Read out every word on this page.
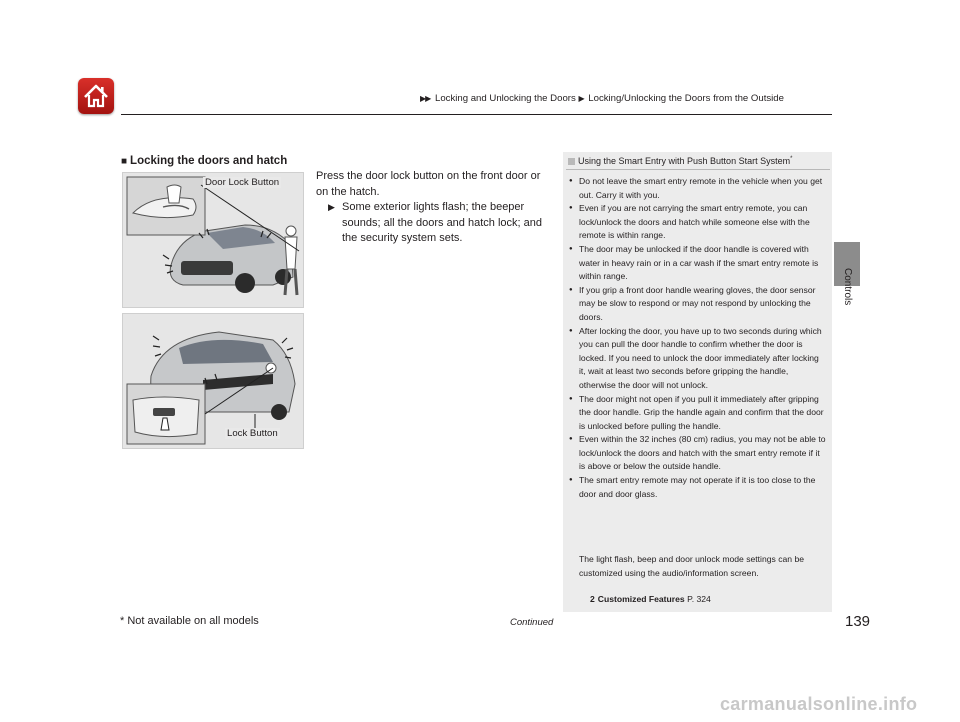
▶▶ Locking and Unlocking the Doors ▶ Locking/Unlocking the Doors from the Outside
Controls
■ Locking the doors and hatch
Door Lock Button
Lock Button

Press the door lock button on the front door or on the hatch.

▶ Some exterior lights flash; the beeper sounds; all the doors and hatch lock; and the security system sets.

Using the Smart Entry with Push Button Start System*
● Do not leave the smart entry remote in the vehicle when you get out. Carry it with you.
● Even if you are not carrying the smart entry remote, you can lock/unlock the doors and hatch while someone else with the remote is within range.
● The door may be unlocked if the door handle is covered with water in heavy rain or in a car wash if the smart entry remote is within range.
● If you grip a front door handle wearing gloves, the door sensor may be slow to respond or may not respond by unlocking the doors.
● After locking the door, you have up to two seconds during which you can pull the door handle to confirm whether the door is locked. If you need to unlock the door immediately after locking it, wait at least two seconds before gripping the handle, otherwise the door will not unlock.
● The door might not open if you pull it immediately after gripping the door handle. Grip the handle again and confirm that the door is unlocked before pulling the handle.
● Even within the 32 inches (80 cm) radius, you may not be able to lock/unlock the doors and hatch with the smart entry remote if it is above or below the outside handle.
● The smart entry remote may not operate if it is too close to the door and door glass.
The light flash, beep and door unlock mode settings can be customized using the audio/information screen.
2 Customized Features P. 324
* Not available on all models	Continued	139
carmanualsonline.info
